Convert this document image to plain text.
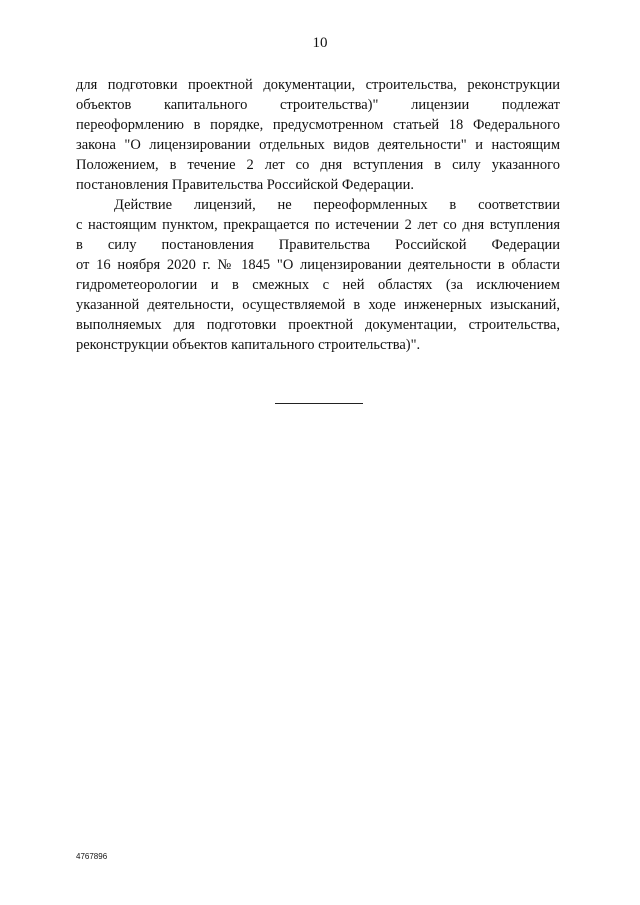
10
для подготовки проектной документации, строительства, реконструкции
объектов капитального строительства)" лицензии подлежат
переоформлению в порядке, предусмотренном статьей 18 Федерального
закона "О лицензировании отдельных видов деятельности" и настоящим
Положением, в течение 2 лет со дня вступления в силу указанного
постановления Правительства Российской Федерации.
Действие лицензий, не переоформленных в соответствии
с настоящим пунктом, прекращается по истечении 2 лет со дня вступления
в силу постановления Правительства Российской Федерации
от 16 ноября 2020 г. № 1845 "О лицензировании деятельности в области
гидрометеорологии и в смежных с ней областях (за исключением
указанной деятельности, осуществляемой в ходе инженерных изысканий,
выполняемых для подготовки проектной документации, строительства,
реконструкции объектов капитального строительства)".
4767896
